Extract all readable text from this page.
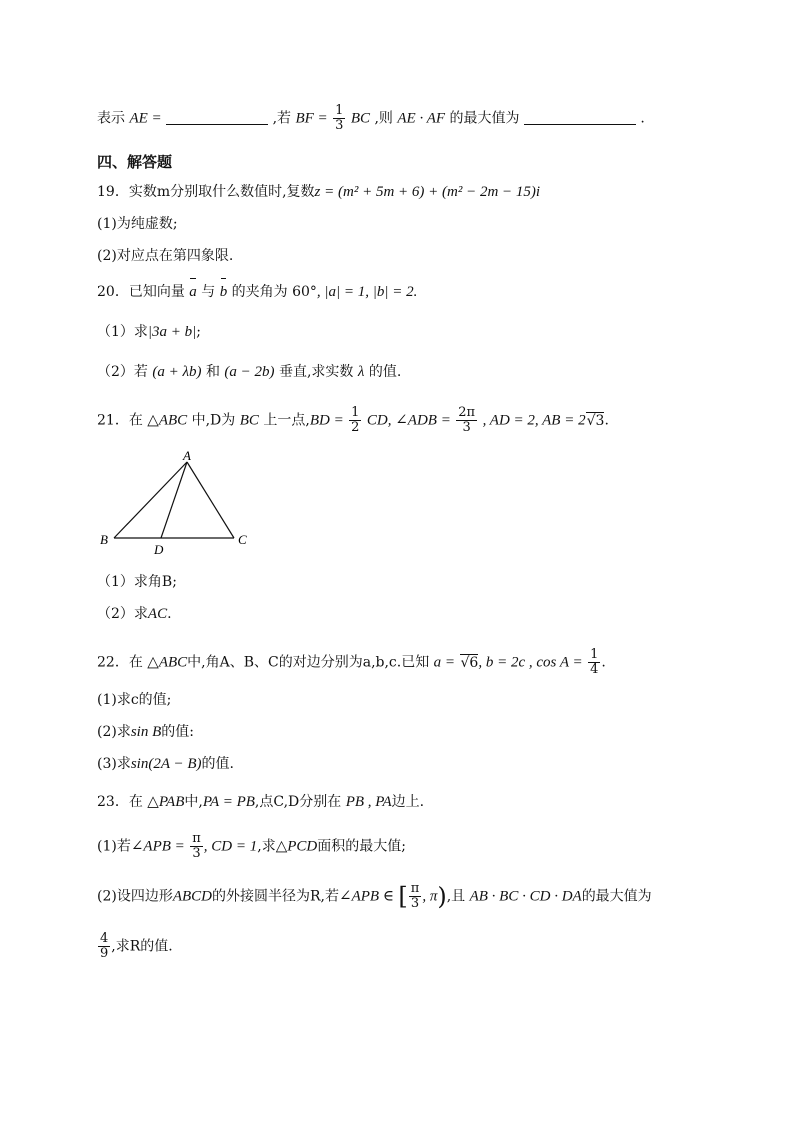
表示 AE =	,若 BF = $\frac{1}{3}$ BC ,则 AE · AF 的最大值为	.
四、解答题
19．实数m分别取什么数值时,复数z = (m² + 5m + 6) + (m² − 2m − 15)i
(1)为纯虚数;
(2)对应点在第四象限.
20．已知向量 a 与 b 的夹角为 60°, |a| = 1, |b| = 2.
（1）求|3a + b|;
（2）若 (a + λb) 和 (a − 2b) 垂直,求实数 λ 的值.
21．在 △ABC 中,D为 BC 上一点$,BD = \frac{1}{2}$ CD, ∠ADB = $\frac{2\pi}{3}$ , AD = 2, AB = 2√3.
A
B	C
D
（1）求角B;
（2）求AC.
22．在 △ABC中,角A、B、C的对边分别为a,b,c.已知 a = √6, b = 2c , $\cos A = \frac{1}{4}$ .
(1)求c的值;
(2)求sin B的值:
(3)求sin(2A − B)的值.
23．在 △PAB中,PA = PB,点C,D分别在 PB , PA边上.
(1)若∠APB = $\frac{\pi}{3}$ , CD = 1,求△PCD面积的最大值;
(2)设四边形ABCD的外接圆半径为R,若∠APB ∈ [ $\frac{\pi}{3}$ , π),且 AB · BC · CD · DA的最大值为
$\frac{4}{9}$ ,求R的值.
